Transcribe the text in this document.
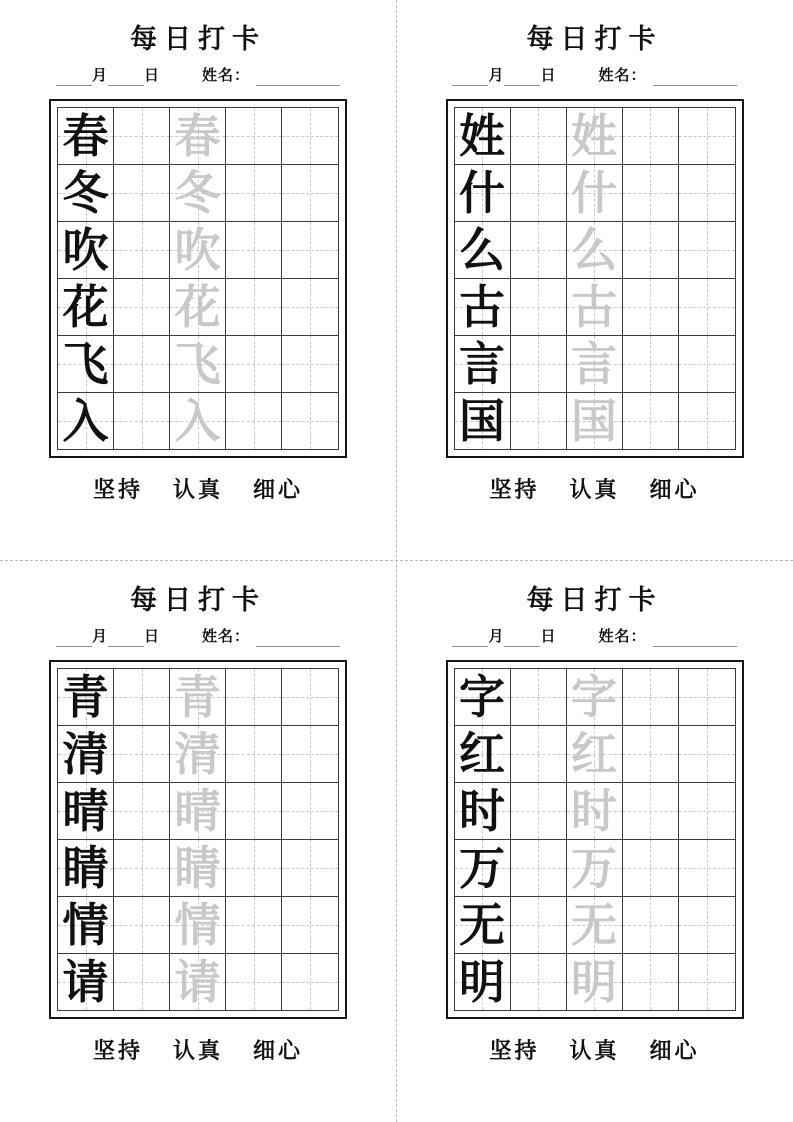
每日打卡
月 日	姓名：
春 春
冬 冬
吹 吹
花 花
飞 飞
入 入
坚持 认真 细心
每日打卡
月 日	姓名：
姓 姓
什 什
么 么
古 古
言 言
国 国
坚持 认真 细心
每日打卡
月 日	姓名：
青 青
清 清
晴 晴
睛 睛
情 情
请 请
坚持 认真 细心
每日打卡
月 日	姓名：
字 字
红 红
时 时
万 万
无 无
明 明
坚持 认真 细心
